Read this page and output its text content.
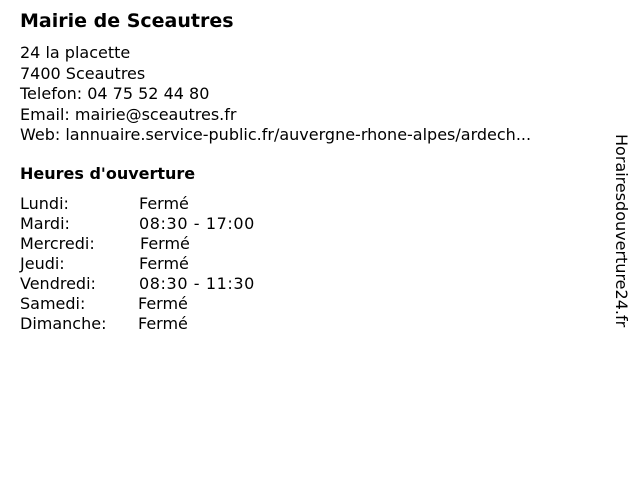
Mairie de Sceautres
24 la placette
7400 Sceautres
Telefon: 04 75 52 44 80
Email: mairie@sceautres.fr
Web: lannuaire.service-public.fr/auvergne-rhone-alpes/ardech...
Heures d'ouverture
Lundi:	Fermé
Mardi:	08:30 - 17:00
Mercredi:	Fermé
Jeudi:	Fermé
Vendredi:	08:30 - 11:30
Samedi:	Fermé
Dimanche:	Fermé	Horairesdouverture24.fr
